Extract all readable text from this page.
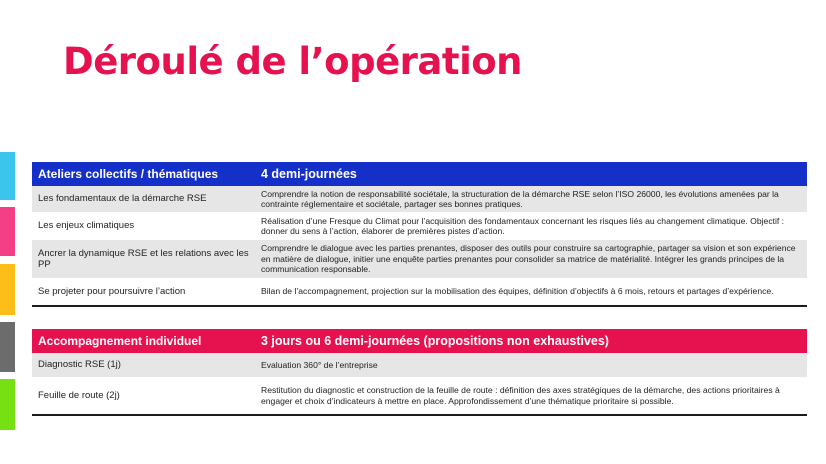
Déroulé de l’opération
Ateliers collectifs / thématiques	4 demi-journées
Les fondamentaux de la démarche RSE	Comprendre la notion de responsabilité sociétale, la structuration de la démarche RSE selon l’ISO 26000, les évolutions amenées par la contrainte réglementaire et sociétale, partager ses bonnes pratiques.
Les enjeux climatiques	Réalisation d’une Fresque du Climat pour l’acquisition des fondamentaux concernant les risques liés au changement climatique. Objectif : donner du sens à l’action, élaborer de premières pistes d’action.
Ancrer la dynamique RSE et les relations avec les PP	Comprendre le dialogue avec les parties prenantes, disposer des outils pour construire sa cartographie, partager sa vision et son expérience en matière de dialogue, initier une enquête parties prenantes pour consolider sa matrice de matérialité. Intégrer les grands principes de la communication responsable.
Se projeter pour poursuivre l’action	Bilan de l’accompagnement, projection sur la mobilisation des équipes, définition d’objectifs à 6 mois, retours et partages d’expérience.
Accompagnement individuel	3 jours ou 6 demi-journées (propositions non exhaustives)
Diagnostic RSE (1j)	Evaluation 360° de l’entreprise
Feuille de route (2j)	Restitution du diagnostic et construction de la feuille de route : définition des axes stratégiques de la démarche, des actions prioritaires à engager et choix d’indicateurs à mettre en place. Approfondissement d’une thématique prioritaire si possible.
